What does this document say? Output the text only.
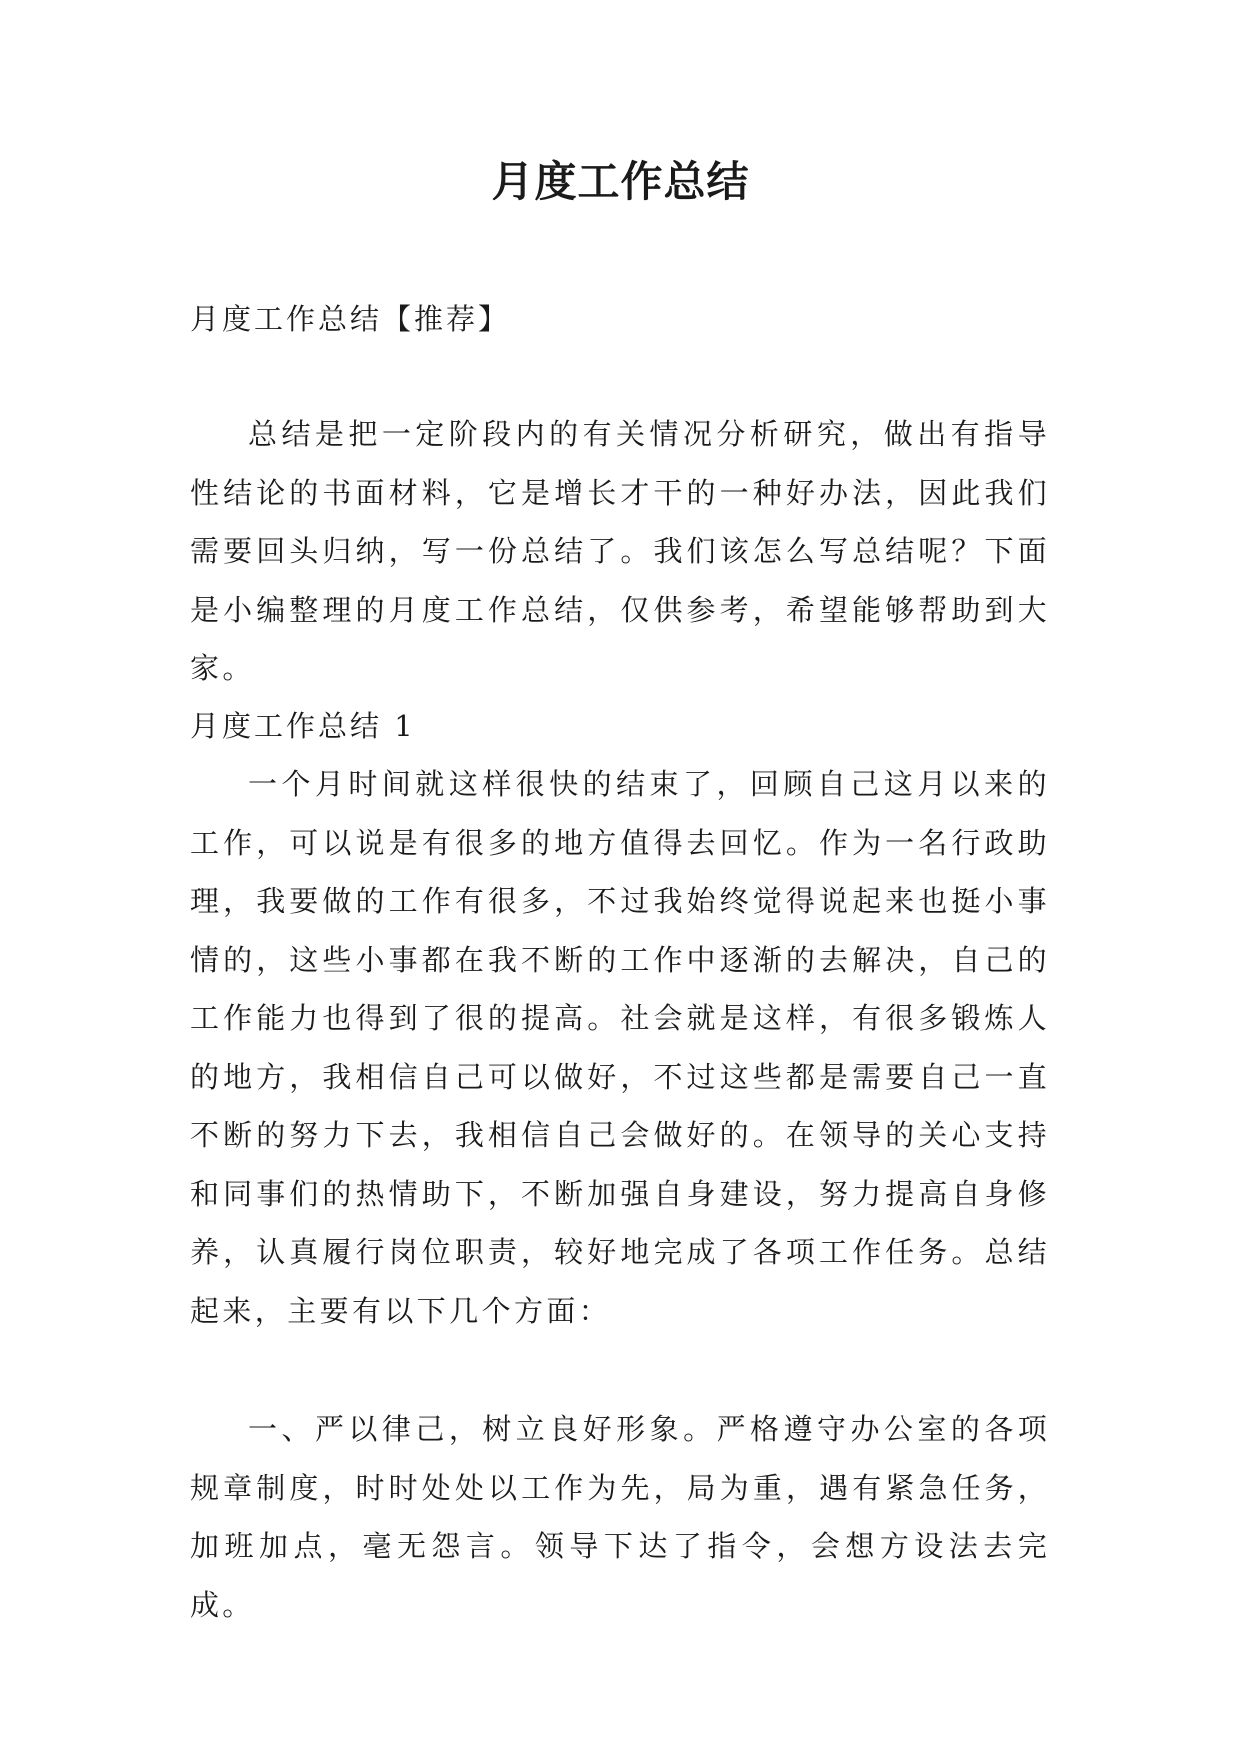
月度工作总结

月度工作总结【推荐】

总结是把一定阶段内的有关情况分析研究，做出有指导性结论的书面材料，它是增长才干的一种好办法，因此我们需要回头归纳，写一份总结了。我们该怎么写总结呢？下面是小编整理的月度工作总结，仅供参考，希望能够帮助到大家。

月度工作总结 1

一个月时间就这样很快的结束了，回顾自己这月以来的工作，可以说是有很多的地方值得去回忆。作为一名行政助理，我要做的工作有很多，不过我始终觉得说起来也挺小事情的，这些小事都在我不断的工作中逐渐的去解决，自己的工作能力也得到了很的提高。社会就是这样，有很多锻炼人的地方，我相信自己可以做好，不过这些都是需要自己一直不断的努力下去，我相信自己会做好的。在领导的关心支持和同事们的热情助下，不断加强自身建设，努力提高自身修养，认真履行岗位职责，较好地完成了各项工作任务。总结起来，主要有以下几个方面：

一、严以律己，树立良好形象。严格遵守办公室的各项规章制度，时时处处以工作为先，局为重，遇有紧急任务，加班加点，毫无怨言。领导下达了指令，会想方设法去完成。
